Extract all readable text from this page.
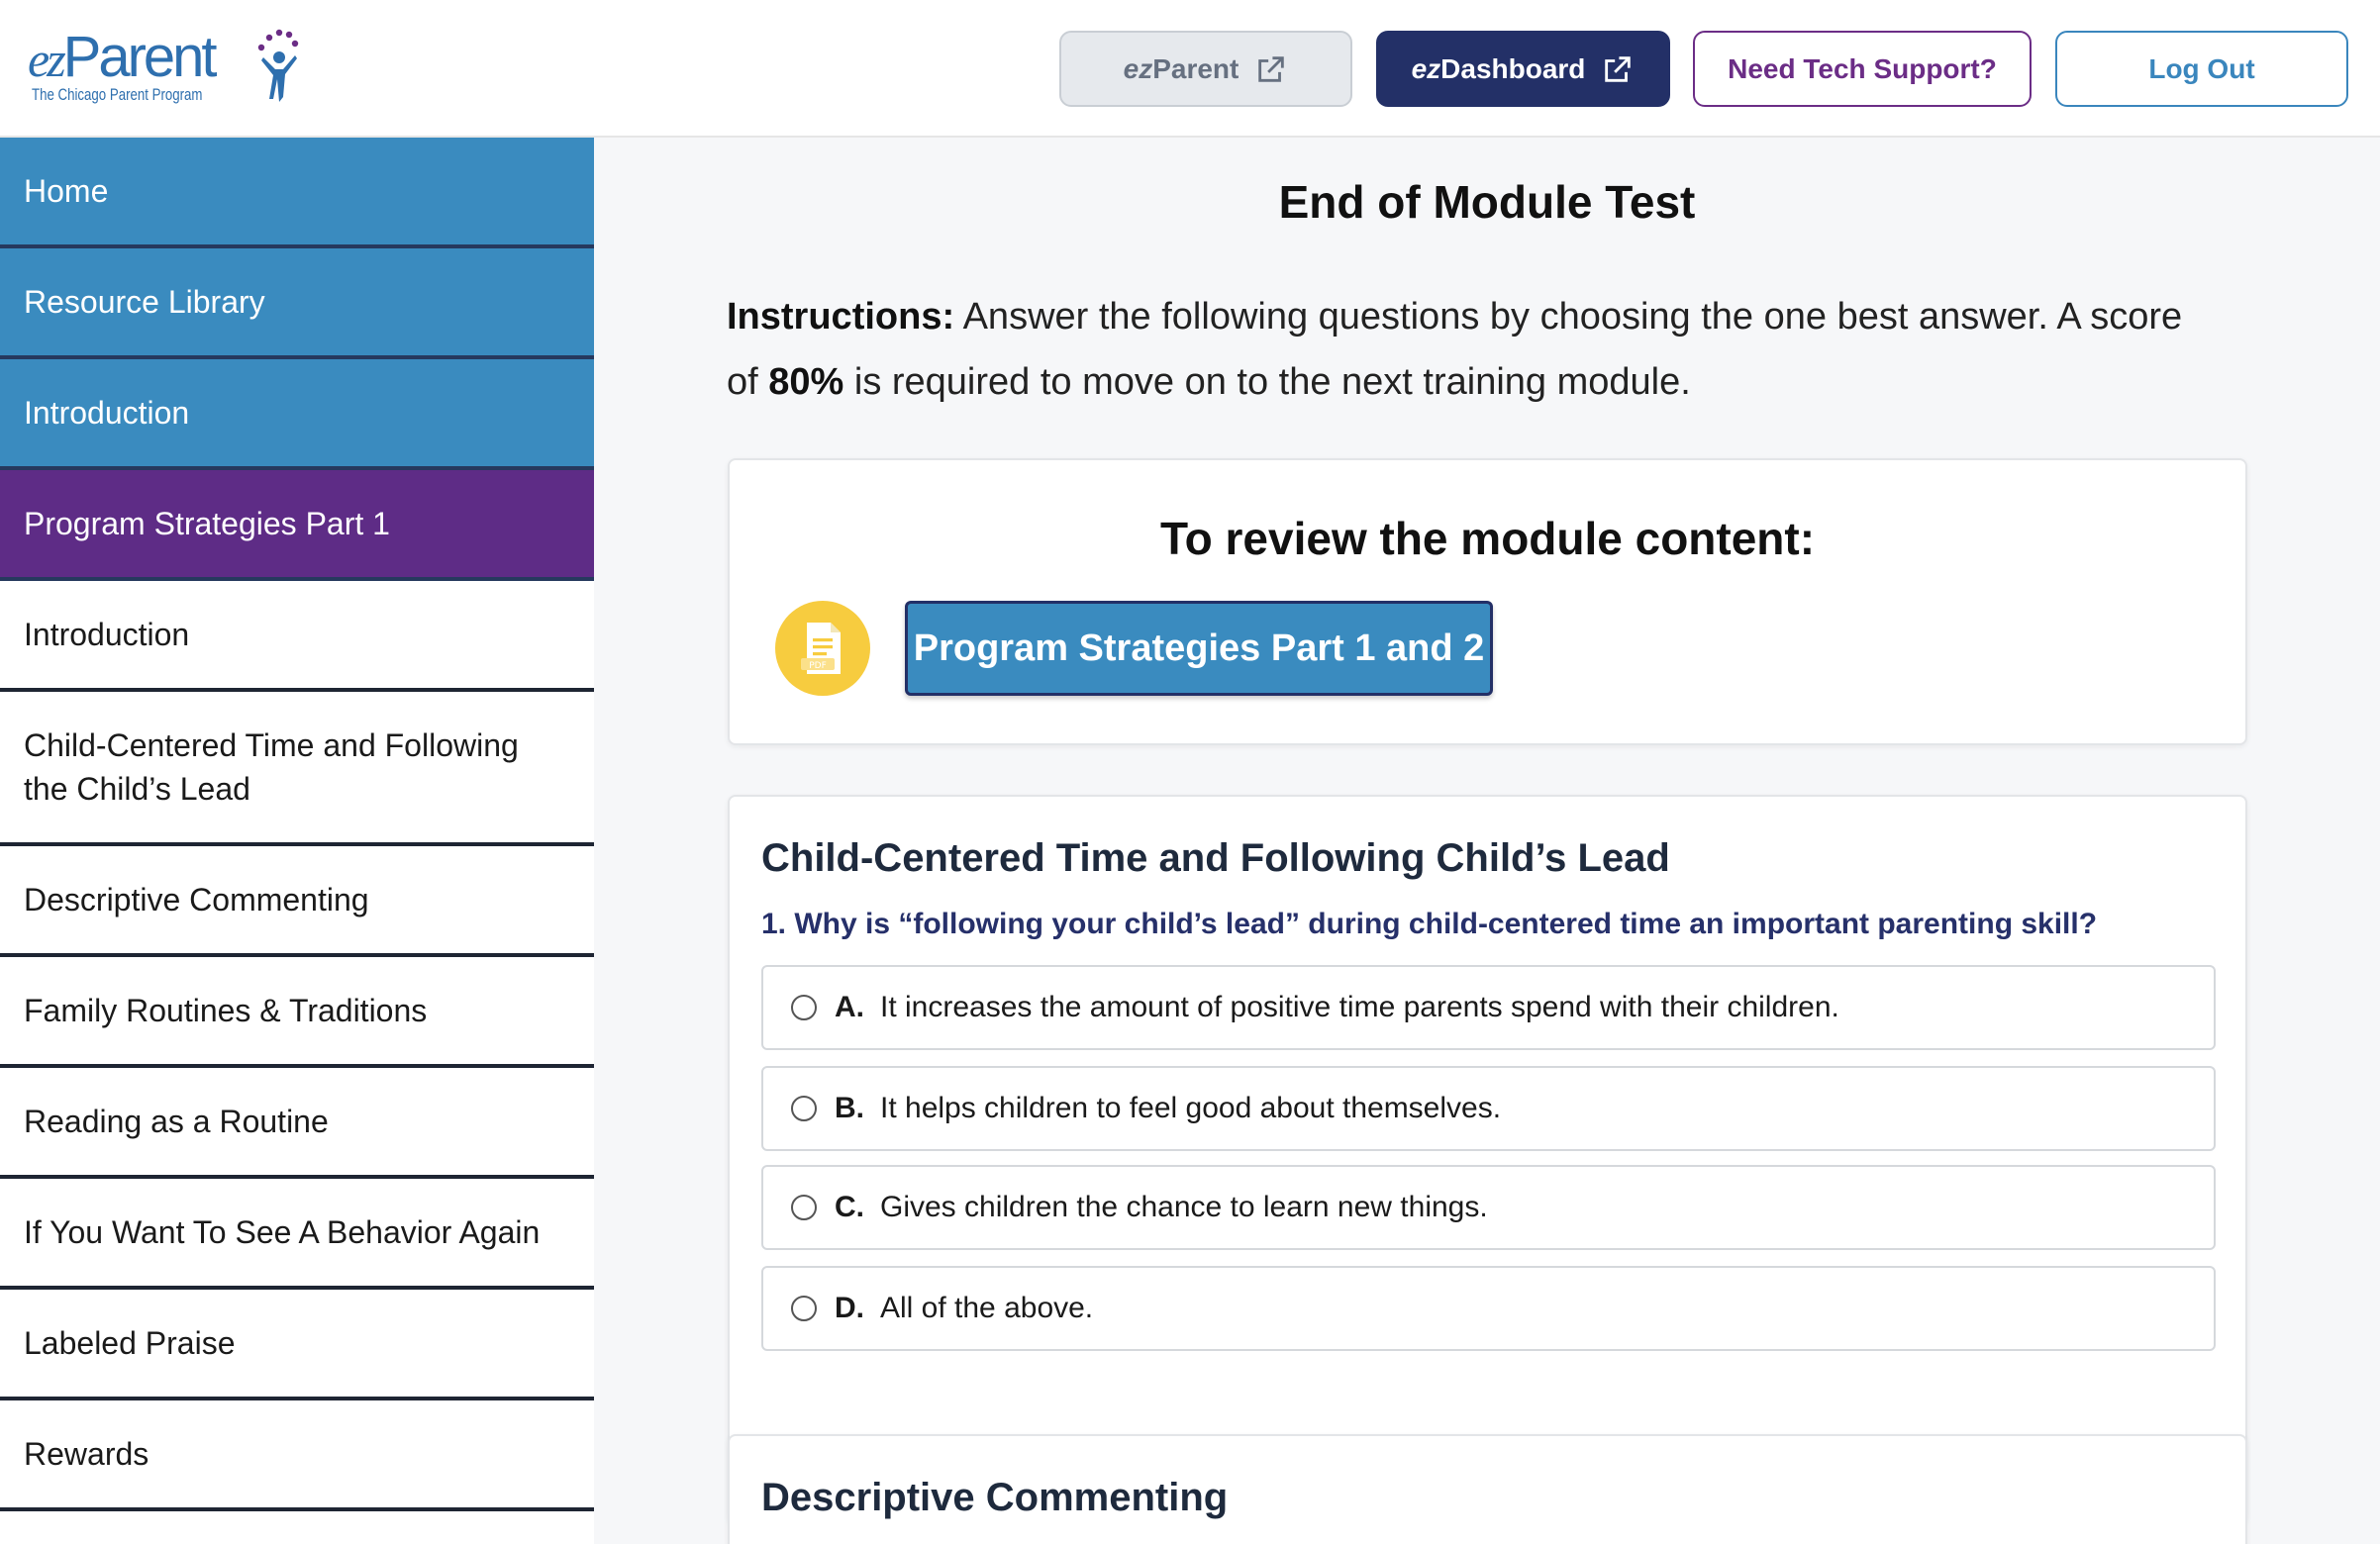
ezParent
The Chicago Parent Program
ezParent	ezDashboard	Need Tech Support?	Log Out
Home
Resource Library
Introduction
Program Strategies Part 1
Introduction
Child-Centered Time and Following the Child’s Lead
Descriptive Commenting
Family Routines & Traditions
Reading as a Routine
If You Want To See A Behavior Again
Labeled Praise
Rewards
End of Module Test

Instructions: Answer the following questions by choosing the one best answer. A score of 80% is required to move on to the next training module.

To review the module content:
PDF Program Strategies Part 1 and 2
Child-Centered Time and Following Child’s Lead
1. Why is “following your child’s lead” during child-centered time an important parenting skill?
A. It increases the amount of positive time parents spend with their children.
B. It helps children to feel good about themselves.
C. Gives children the chance to learn new things.
D. All of the above.
Descriptive Commenting
